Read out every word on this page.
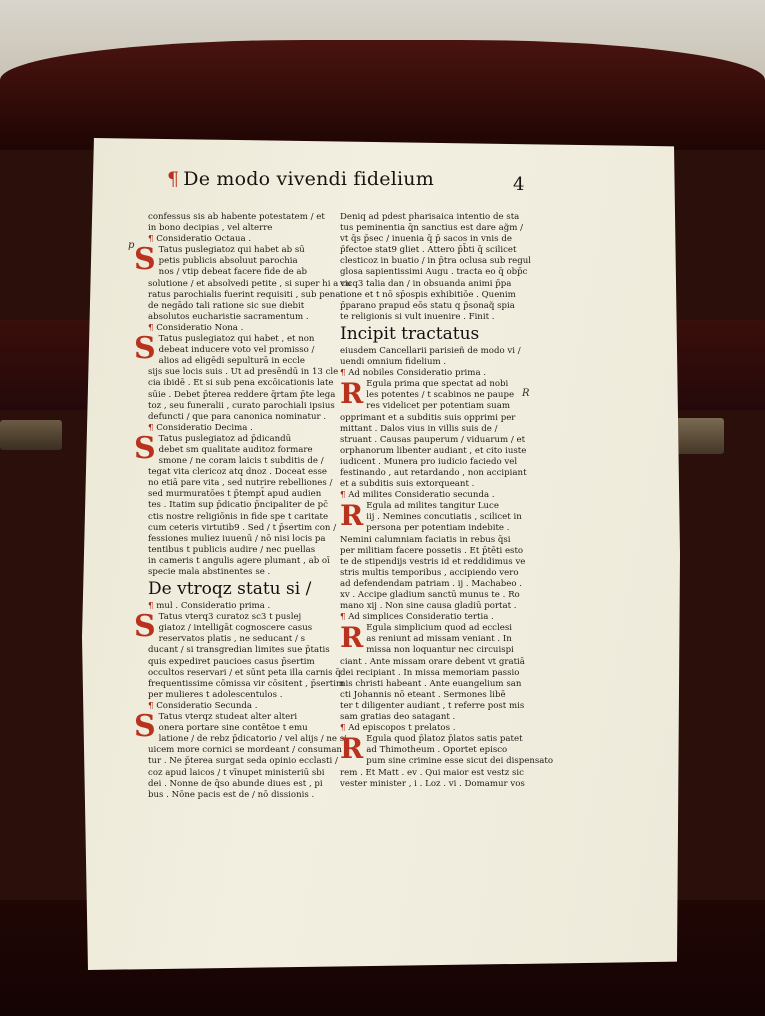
¶ De modo vivendi fidelium	4
p
R

confessus sis ab habente potestatem / et
in bono decipias , vel alterre

¶ Consideratio Octaua .

S Tatus puslegiatoz qui habet ab sū
petis publicis absoluut parochia
nos / vtip debeat facere fide de ab
solutione / et absolvedi petite , si super hi a cu
ratus parochialis fuerint requisiti , sub pena
de negādo tali ratione sic sue diebit
absolutos eucharistie sacramentum .

¶ Consideratio Nona .

S Tatus puslegiatoz qui habet , et non
debeat inducere voto vel promisso /
alios ad eligēdi sepulturā in eccle
sijs sue locis suis . Ut ad presēndū in 13 cle
cia ibidē . Et si sub pena excōicationis late
sūie . Debet p̄terea reddere q̄rtam p̄te lega
toz , seu funeralii , curato parochiali ipsius
defuncti / que para canonica nominatur .

¶ Consideratio Decima .

S Tatus puslegiatoz ad p̄dicandū
debet sm qualitate auditoz formare
smone / ne coram laicis t subditis de /
tegat vita clericoz atq dnoz . Doceat esse
no etiā pare vita , sed nutrire rebelliones /
sed murmuratōes t p̄tempt̄ apud audien
tes . Itatim sup p̄dicatio p̄ncipaliter de pc̄
ctis nostre religiōnis in fide spe t caritate
cum ceteris virtutib9 . Sed / t p̄sertim con /
fessiones muliez iuuenū / nō nisi locis pa
tentibus t publicis audire / nec puellas
in cameris t angulis agere plumant , ab oī
specie mala abstinentes se .

De vtroqz statu si /
¶ mul . Consideratio prima .

S Tatus vterq3 curatoz sc3 t puslej
giatoz / intelligāt cognoscere casus
reservatos platis , ne seducant / s
ducant / si transgredian limites sue p̄tatis
quis expediret paucioes casus p̄sertim
occultos reservari / et sūnt peta illa carnis q̄
frequentissime cōmissa vir cōsitent , p̄sertim
per mulieres t adolescentulos .

¶ Consideratio Secunda .

S Tatus vterqz studeat alter alteri
onera portare sine contētoe t emu
latione / de rebz p̄dicatorio / vel alijs / ne si
uicem more cornici se mordeant / consuman
tur . Ne p̄terea surgat seda opinio ecclasti /
coz apud laicos / t vīnupet ministeriū sbi
dei . Nonne de q̄so abunde diues est , pi
bus . Nōne pacis est de / nō dissionis .

Deniq ad pdest pharisaica intentio de sta
tus peminentia q̄n sanctius est dare ag̃m /
vt q̄s p̄sec / inuenia q̄ p̄ sacos in vnis de
p̄fectoe stat9 gliet . Attero p̄b̄ti q̄ scilicet
clesticoz in buatio / in p̄tra oclusa sub regul
glosa sapientissimi Augu . tracta eo q̄ obp̄c
vicq3 talia dan / in obsuanda animi p̄pa
tione et t nō sp̄ospis exhibitiōe . Quenim
p̄parano prapud eōs statu q p̄sonaq̃ spia
te religionis si vult inuenire . Finit .

Incipit tractatus

eiusdem Cancellarii parisieñ de modo vi /
uendi omnium fidelium .

¶ Ad nobiles Consideratio prima .

R Egula prima que spectat ad nobi
les potentes / t scabinos ne paupe
res videlicet per potentiam suam
opprimant et a subditis suis opprimi per
mittant . Dalos vius in villis suis de /
struant . Causas pauperum / viduarum / et
orphanorum libenter audiant , et cito iuste
iudicent . Munera pro iudicio faciedo vel
festinando , aut retardando , non accipiant
et a subditis suis extorqueant .

¶ Ad milites Consideratio secunda .

R Egula ad milites tangitur Luce
iij . Nemines concutiatis , scilicet in
persona per potentiam indebite .
Nemini calumniam faciatis in rebus q̄si
per militiam facere possetis . Et p̄tēti esto
te de stipendijs vestris id et reddidimus ve
stris multis temporibus , accipiendo vero
ad defendendam patriam . ij . Machabeo .
xv . Accipe gladium sanctū munus te . Ro
mano xij . Non sine causa gladiū portat .

¶ Ad simplices Consideratio tertia .

R Egula simplicium quod ad ecclesi
as reniunt ad missam veniant . In
missa non loquantur nec circuispi
ciant . Ante missam orare debent vt gratiā
dei recipiant . In missa memoriam passio
nis christi habeant . Ante euangelium san
cti Johannis nō eteant . Sermones libē
ter t diligenter audiant , t referre post mis
sam gratias deo satagant .

¶ Ad episcopos t prelatos .

R Egula quod p̄latoz p̄latos satis patet
ad Thimotheum . Oportet episco
pum sine crimine esse sicut dei dispensato
rem . Et Matt . ev . Qui maior est vestz sic
vester minister , i . Loz . vi . Domamur vos
